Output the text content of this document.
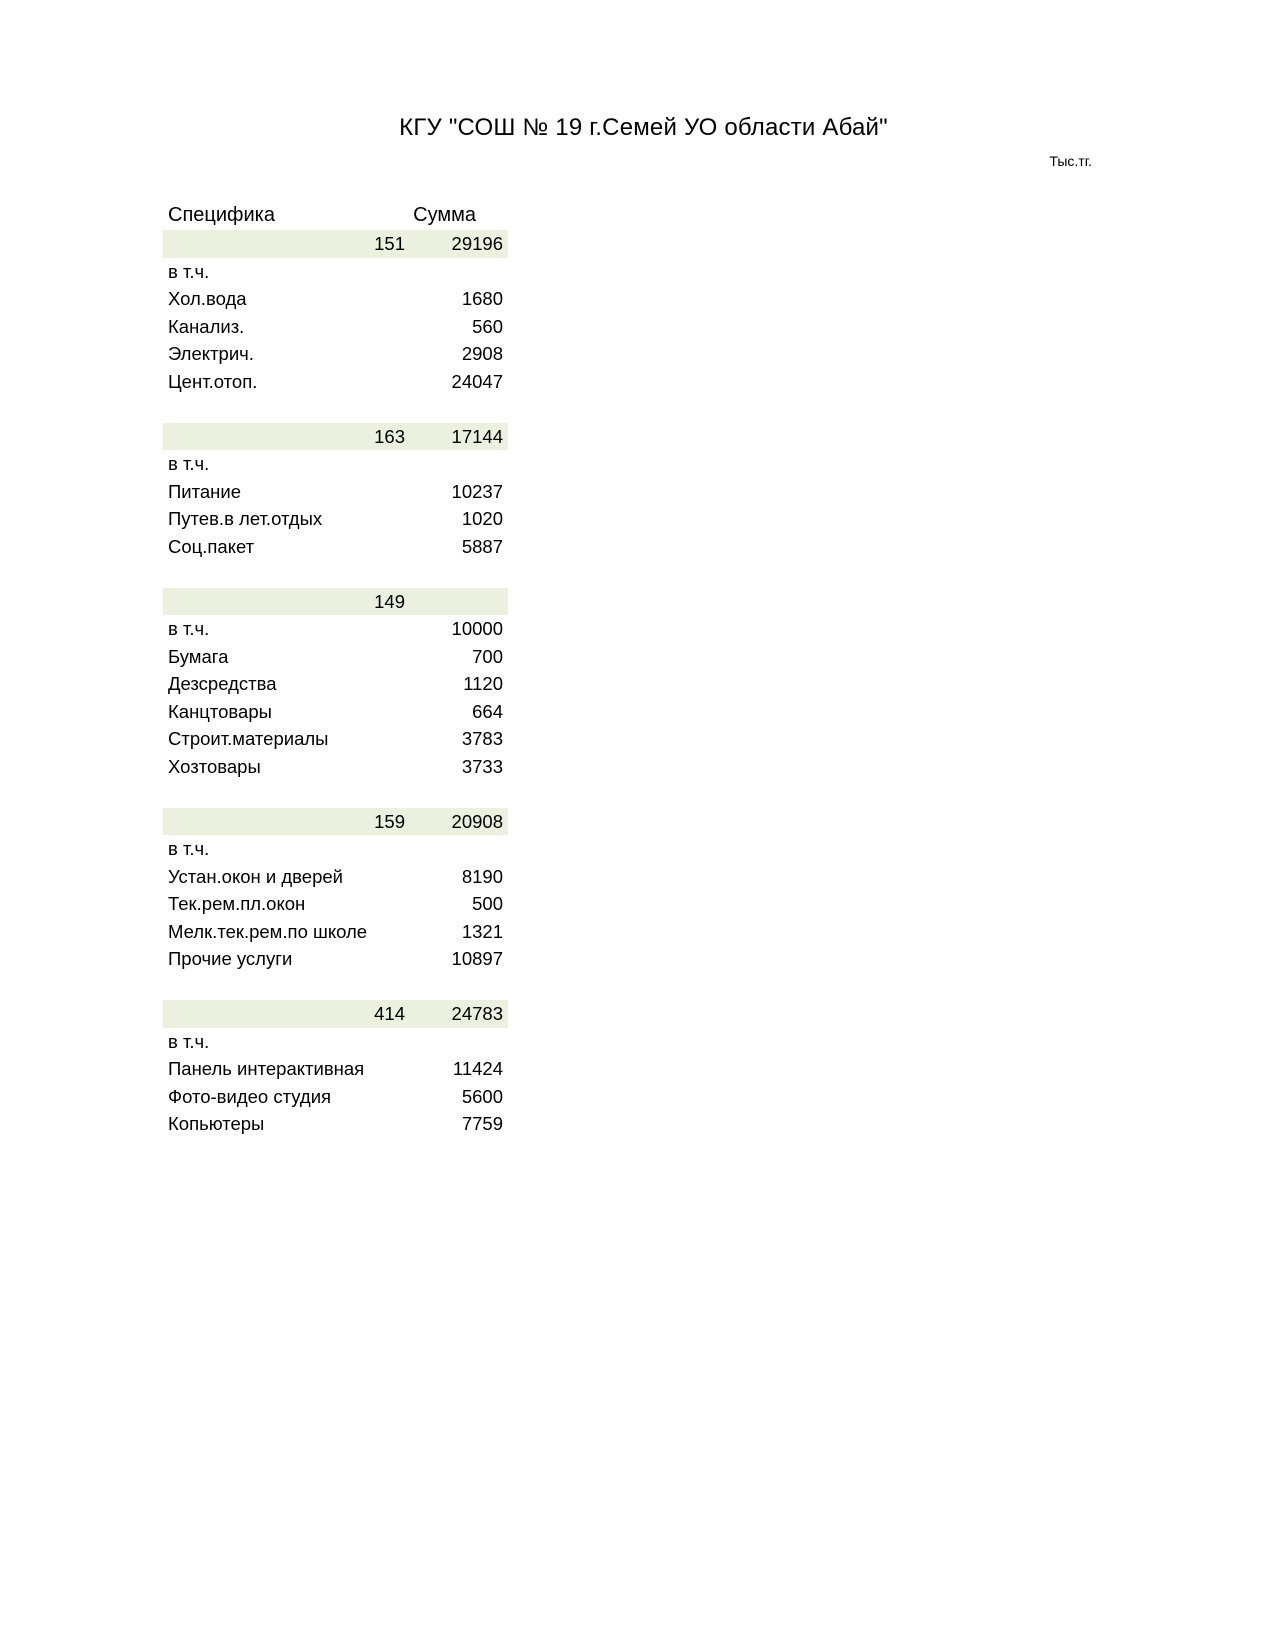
КГУ "СОШ № 19 г.Семей УО области Абай"
Тыс.тг.
Специфика	Сумма
151	29196
в т.ч.
Хол.вода	1680
Канализ.	560
Электрич.	2908
Цент.отоп.	24047
163	17144
в т.ч.
Питание	10237
Путев.в лет.отдых	1020
Соц.пакет	5887
149
в т.ч.	10000
Бумага	700
Дезсредства	1120
Канцтовары	664
Строит.материалы	3783
Хозтовары	3733
159	20908
в т.ч.
Устан.окон и дверей	8190
Тек.рем.пл.окон	500
Мелк.тек.рем.по школе	1321
Прочие услуги	10897
414	24783
в т.ч.
Панель интерактивная	11424
Фото-видео студия	5600
Копьютеры	7759
